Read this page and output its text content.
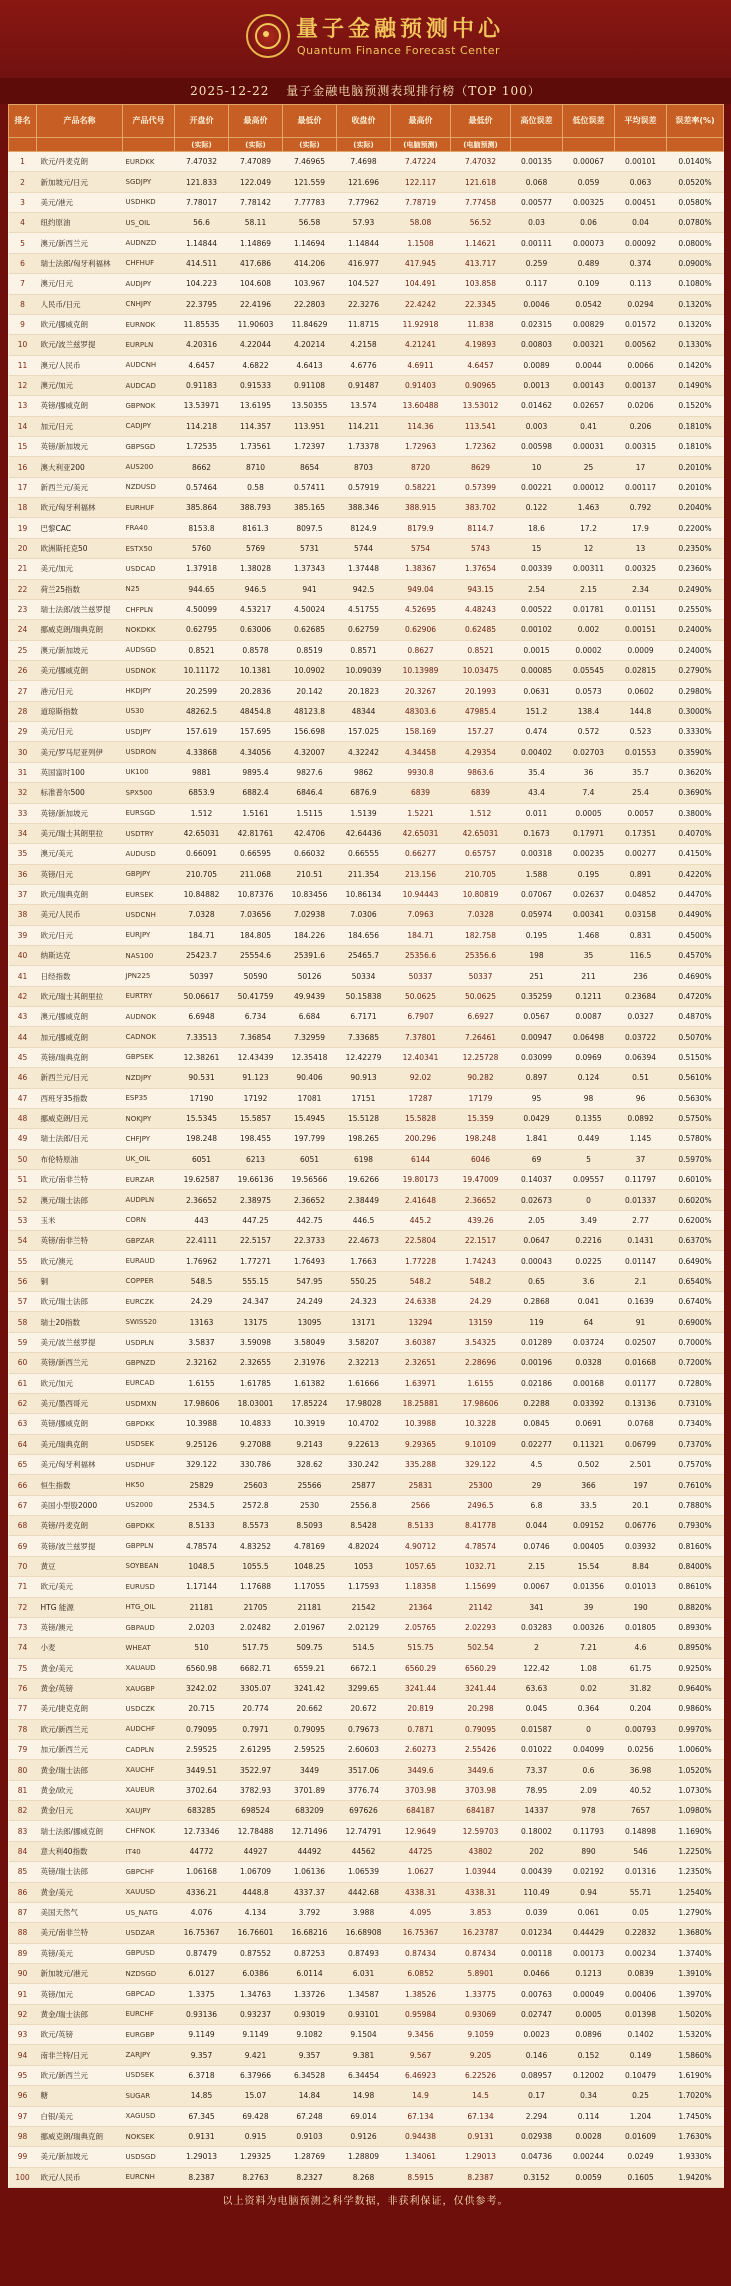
量子金融预测中心
Quantum Finance Forecast Center
2025-12-22 量子金融电脑预测表现排行榜（TOP 100）
排名	产品名称	产品代号	开盘价	最高价	最低价	收盘价	最高价	最低价	高位误差	低位误差	平均误差	误差率(%)
			(实际)	(实际)	(实际)	(实际)	(电脑预测)	(电脑预测)				
1	欧元/丹麦克朗	EURDKK	7.47032	7.47089	7.46965	7.4698	7.47224	7.47032	0.00135	0.00067	0.00101	0.0140%
2	新加坡元/日元	SGDJPY	121.833	122.049	121.559	121.696	122.117	121.618	0.068	0.059	0.063	0.0520%
3	美元/港元	USDHKD	7.78017	7.78142	7.77783	7.77962	7.78719	7.77458	0.00577	0.00325	0.00451	0.0580%
4	纽约原油	US_OIL	56.6	58.11	56.58	57.93	58.08	56.52	0.03	0.06	0.04	0.0780%
5	澳元/新西兰元	AUDNZD	1.14844	1.14869	1.14694	1.14844	1.1508	1.14621	0.00111	0.00073	0.00092	0.0800%
6	瑞士法郎/匈牙利福林	CHFHUF	414.511	417.686	414.206	416.977	417.945	413.717	0.259	0.489	0.374	0.0900%
7	澳元/日元	AUDJPY	104.223	104.608	103.967	104.527	104.491	103.858	0.117	0.109	0.113	0.1080%
8	人民币/日元	CNHJPY	22.3795	22.4196	22.2803	22.3276	22.4242	22.3345	0.0046	0.0542	0.0294	0.1320%
9	欧元/挪威克朗	EURNOK	11.85535	11.90603	11.84629	11.8715	11.92918	11.838	0.02315	0.00829	0.01572	0.1320%
10	欧元/波兰兹罗提	EURPLN	4.20316	4.22044	4.20214	4.2158	4.21241	4.19893	0.00803	0.00321	0.00562	0.1330%
11	澳元/人民币	AUDCNH	4.6457	4.6822	4.6413	4.6776	4.6911	4.6457	0.0089	0.0044	0.0066	0.1420%
12	澳元/加元	AUDCAD	0.91183	0.91533	0.91108	0.91487	0.91403	0.90965	0.0013	0.00143	0.00137	0.1490%
13	英镑/挪威克朗	GBPNOK	13.53971	13.6195	13.50355	13.574	13.60488	13.53012	0.01462	0.02657	0.0206	0.1520%
14	加元/日元	CADJPY	114.218	114.357	113.951	114.211	114.36	113.541	0.003	0.41	0.206	0.1810%
15	英镑/新加坡元	GBPSGD	1.72535	1.73561	1.72397	1.73378	1.72963	1.72362	0.00598	0.00031	0.00315	0.1810%
16	澳大利亚200	AUS200	8662	8710	8654	8703	8720	8629	10	25	17	0.2010%
17	新西兰元/美元	NZDUSD	0.57464	0.58	0.57411	0.57919	0.58221	0.57399	0.00221	0.00012	0.00117	0.2010%
18	欧元/匈牙利福林	EURHUF	385.864	388.793	385.165	388.346	388.915	383.702	0.122	1.463	0.792	0.2040%
19	巴黎CAC	FRA40	8153.8	8161.3	8097.5	8124.9	8179.9	8114.7	18.6	17.2	17.9	0.2200%
20	欧洲斯托克50	ESTX50	5760	5769	5731	5744	5754	5743	15	12	13	0.2350%
21	美元/加元	USDCAD	1.37918	1.38028	1.37343	1.37448	1.38367	1.37654	0.00339	0.00311	0.00325	0.2360%
22	荷兰25指数	N25	944.65	946.5	941	942.5	949.04	943.15	2.54	2.15	2.34	0.2490%
23	瑞士法郎/波兰兹罗提	CHFPLN	4.50099	4.53217	4.50024	4.51755	4.52695	4.48243	0.00522	0.01781	0.01151	0.2550%
24	挪威克朗/瑞典克朗	NOKDKK	0.62795	0.63006	0.62685	0.62759	0.62906	0.62485	0.00102	0.002	0.00151	0.2400%
25	澳元/新加坡元	AUDSGD	0.8521	0.8578	0.8519	0.8571	0.8627	0.8521	0.0015	0.0002	0.0009	0.2400%
26	美元/挪威克朗	USDNOK	10.11172	10.1381	10.0902	10.09039	10.13989	10.03475	0.00085	0.05545	0.02815	0.2790%
27	港元/日元	HKDJPY	20.2599	20.2836	20.142	20.1823	20.3267	20.1993	0.0631	0.0573	0.0602	0.2980%
28	道琼斯指数	US30	48262.5	48454.8	48123.8	48344	48303.6	47985.4	151.2	138.4	144.8	0.3000%
29	美元/日元	USDJPY	157.619	157.695	156.698	157.025	158.169	157.27	0.474	0.572	0.523	0.3330%
30	美元/罗马尼亚列伊	USDRON	4.33868	4.34056	4.32007	4.32242	4.34458	4.29354	0.00402	0.02703	0.01553	0.3590%
31	英国富时100	UK100	9881	9895.4	9827.6	9862	9930.8	9863.6	35.4	36	35.7	0.3620%
32	标准普尔500	SPX500	6853.9	6882.4	6846.4	6876.9	6839	6839	43.4	7.4	25.4	0.3690%
33	英镑/新加坡元	EURSGD	1.512	1.5161	1.5115	1.5139	1.5221	1.512	0.011	0.0005	0.0057	0.3800%
34	美元/瑞士其朗里拉	USDTRY	42.65031	42.81761	42.4706	42.64436	42.65031	42.65031	0.1673	0.17971	0.17351	0.4070%
35	澳元/美元	AUDUSD	0.66091	0.66595	0.66032	0.66555	0.66277	0.65757	0.00318	0.00235	0.00277	0.4150%
36	英镑/日元	GBPJPY	210.705	211.068	210.51	211.354	213.156	210.705	1.588	0.195	0.891	0.4220%
37	欧元/瑞典克朗	EURSEK	10.84882	10.87376	10.83456	10.86134	10.94443	10.80819	0.07067	0.02637	0.04852	0.4470%
38	美元/人民币	USDCNH	7.0328	7.03656	7.02938	7.0306	7.0963	7.0328	0.05974	0.00341	0.03158	0.4490%
39	欧元/日元	EURJPY	184.71	184.805	184.226	184.656	184.71	182.758	0.195	1.468	0.831	0.4500%
40	纳斯达克	NAS100	25423.7	25554.6	25391.6	25465.7	25356.6	25356.6	198	35	116.5	0.4570%
41	日经指数	JPN225	50397	50590	50126	50334	50337	50337	251	211	236	0.4690%
42	欧元/瑞士其朗里拉	EURTRY	50.06617	50.41759	49.9439	50.15838	50.0625	50.0625	0.35259	0.1211	0.23684	0.4720%
43	澳元/挪威克朗	AUDNOK	6.6948	6.734	6.684	6.7171	6.7907	6.6927	0.0567	0.0087	0.0327	0.4870%
44	加元/挪威克朗	CADNOK	7.33513	7.36854	7.32959	7.33685	7.37801	7.26461	0.00947	0.06498	0.03722	0.5070%
45	英镑/瑞典克朗	GBPSEK	12.38261	12.43439	12.35418	12.42279	12.40341	12.25728	0.03099	0.0969	0.06394	0.5150%
46	新西兰元/日元	NZDJPY	90.531	91.123	90.406	90.913	92.02	90.282	0.897	0.124	0.51	0.5610%
47	西班牙35指数	ESP35	17190	17192	17081	17151	17287	17179	95	98	96	0.5630%
48	挪威克朗/日元	NOKJPY	15.5345	15.5857	15.4945	15.5128	15.5828	15.359	0.0429	0.1355	0.0892	0.5750%
49	瑞士法郎/日元	CHFJPY	198.248	198.455	197.799	198.265	200.296	198.248	1.841	0.449	1.145	0.5780%
50	布伦特原油	UK_OIL	6051	6213	6051	6198	6144	6046	69	5	37	0.5970%
51	欧元/南非兰特	EURZAR	19.62587	19.66136	19.56566	19.6266	19.80173	19.47009	0.14037	0.09557	0.11797	0.6010%
52	澳元/瑞士法郎	AUDPLN	2.36652	2.38975	2.36652	2.38449	2.41648	2.36652	0.02673	0	0.01337	0.6020%
53	玉米	CORN	443	447.25	442.75	446.5	445.2	439.26	2.05	3.49	2.77	0.6200%
54	英镑/南非兰特	GBPZAR	22.4111	22.5157	22.3733	22.4673	22.5804	22.1517	0.0647	0.2216	0.1431	0.6370%
55	欧元/澳元	EURAUD	1.76962	1.77271	1.76493	1.7663	1.77228	1.74243	0.00043	0.0225	0.01147	0.6490%
56	铜	COPPER	548.5	555.15	547.95	550.25	548.2	548.2	0.65	3.6	2.1	0.6540%
57	欧元/瑞士法郎	EURCZK	24.29	24.347	24.249	24.323	24.6338	24.29	0.2868	0.041	0.1639	0.6740%
58	瑞士20指数	SWISS20	13163	13175	13095	13171	13294	13159	119	64	91	0.6900%
59	美元/波兰兹罗提	USDPLN	3.5837	3.59098	3.58049	3.58207	3.60387	3.54325	0.01289	0.03724	0.02507	0.7000%
60	英镑/新西兰元	GBPNZD	2.32162	2.32655	2.31976	2.32213	2.32651	2.28696	0.00196	0.0328	0.01668	0.7200%
61	欧元/加元	EURCAD	1.6155	1.61785	1.61382	1.61666	1.63971	1.6155	0.02186	0.00168	0.01177	0.7280%
62	美元/墨西哥元	USDMXN	17.98606	18.03001	17.85224	17.98028	18.25881	17.98606	0.2288	0.03392	0.13136	0.7310%
63	英镑/挪威克朗	GBPDKK	10.3988	10.4833	10.3919	10.4702	10.3988	10.3228	0.0845	0.0691	0.0768	0.7340%
64	美元/瑞典克朗	USDSEK	9.25126	9.27088	9.2143	9.22613	9.29365	9.10109	0.02277	0.11321	0.06799	0.7370%
65	美元/匈牙利福林	USDHUF	329.122	330.786	328.62	330.242	335.288	329.122	4.5	0.502	2.501	0.7570%
66	恒生指数	HK50	25829	25603	25566	25877	25831	25300	29	366	197	0.7610%
67	美国小型股2000	US2000	2534.5	2572.8	2530	2556.8	2566	2496.5	6.8	33.5	20.1	0.7880%
68	英镑/丹麦克朗	GBPDKK	8.5133	8.5573	8.5093	8.5428	8.5133	8.41778	0.044	0.09152	0.06776	0.7930%
69	英镑/波兰兹罗提	GBPPLN	4.78574	4.83252	4.78169	4.82024	4.90712	4.78574	0.0746	0.00405	0.03932	0.8160%
70	黄豆	SOYBEAN	1048.5	1055.5	1048.25	1053	1057.65	1032.71	2.15	15.54	8.84	0.8400%
71	欧元/美元	EURUSD	1.17144	1.17688	1.17055	1.17593	1.18358	1.15699	0.0067	0.01356	0.01013	0.8610%
72	HTG 能源	HTG_OIL	21181	21705	21181	21542	21364	21142	341	39	190	0.8820%
73	英镑/澳元	GBPAUD	2.0203	2.02482	2.01967	2.02129	2.05765	2.02293	0.03283	0.00326	0.01805	0.8930%
74	小麦	WHEAT	510	517.75	509.75	514.5	515.75	502.54	2	7.21	4.6	0.8950%
75	黄金/美元	XAUAUD	6560.98	6682.71	6559.21	6672.1	6560.29	6560.29	122.42	1.08	61.75	0.9250%
76	黄金/英镑	XAUGBP	3242.02	3305.07	3241.42	3299.65	3241.44	3241.44	63.63	0.02	31.82	0.9640%
77	美元/捷克克朗	USDCZK	20.715	20.774	20.662	20.672	20.819	20.298	0.045	0.364	0.204	0.9860%
78	欧元/新西兰元	AUDCHF	0.79095	0.7971	0.79095	0.79673	0.7871	0.79095	0.01587	0	0.00793	0.9970%
79	加元/新西兰元	CADPLN	2.59525	2.61295	2.59525	2.60603	2.60273	2.55426	0.01022	0.04099	0.0256	1.0060%
80	黄金/瑞士法郎	XAUCHF	3449.51	3522.97	3449	3517.06	3449.6	3449.6	73.37	0.6	36.98	1.0520%
81	黄金/欧元	XAUEUR	3702.64	3782.93	3701.89	3776.74	3703.98	3703.98	78.95	2.09	40.52	1.0730%
82	黄金/日元	XAUJPY	683285	698524	683209	697626	684187	684187	14337	978	7657	1.0980%
83	瑞士法郎/挪威克朗	CHFNOK	12.73346	12.78488	12.71496	12.74791	12.9649	12.59703	0.18002	0.11793	0.14898	1.1690%
84	意大利40指数	IT40	44772	44927	44492	44562	44725	43802	202	890	546	1.2250%
85	英镑/瑞士法郎	GBPCHF	1.06168	1.06709	1.06136	1.06539	1.0627	1.03944	0.00439	0.02192	0.01316	1.2350%
86	黄金/美元	XAUUSD	4336.21	4448.8	4337.37	4442.68	4338.31	4338.31	110.49	0.94	55.71	1.2540%
87	美国天然气	US_NATG	4.076	4.134	3.792	3.988	4.095	3.853	0.039	0.061	0.05	1.2790%
88	美元/南非兰特	USDZAR	16.75367	16.76601	16.68216	16.68908	16.75367	16.23787	0.01234	0.44429	0.22832	1.3680%
89	英镑/美元	GBPUSD	0.87479	0.87552	0.87253	0.87493	0.87434	0.87434	0.00118	0.00173	0.00234	1.3740%
90	新加坡元/港元	NZDSGD	6.0127	6.0386	6.0114	6.031	6.0852	5.8901	0.0466	0.1213	0.0839	1.3910%
91	英镑/加元	GBPCAD	1.3375	1.34763	1.33726	1.34587	1.38526	1.33775	0.00763	0.00049	0.00406	1.3970%
92	黄金/瑞士法郎	EURCHF	0.93136	0.93237	0.93019	0.93101	0.95984	0.93069	0.02747	0.0005	0.01398	1.5020%
93	欧元/英镑	EURGBP	9.1149	9.1149	9.1082	9.1504	9.3456	9.1059	0.0023	0.0896	0.1402	1.5320%
94	南非兰特/日元	ZARJPY	9.357	9.421	9.357	9.381	9.567	9.205	0.146	0.152	0.149	1.5860%
95	欧元/新西兰元	USDSEK	6.3718	6.37966	6.34528	6.34454	6.46923	6.22526	0.08957	0.12002	0.10479	1.6190%
96	糖	SUGAR	14.85	15.07	14.84	14.98	14.9	14.5	0.17	0.34	0.25	1.7020%
97	白银/美元	XAGUSD	67.345	69.428	67.248	69.014	67.134	67.134	2.294	0.114	1.204	1.7450%
98	挪威克朗/瑞典克朗	NOKSEK	0.9131	0.915	0.9103	0.9126	0.94438	0.9131	0.02938	0.0028	0.01609	1.7630%
99	美元/新加坡元	USDSGD	1.29013	1.29325	1.28769	1.28809	1.34061	1.29013	0.04736	0.00244	0.0249	1.9330%
100	欧元/人民币	EURCNH	8.2387	8.2763	8.2327	8.268	8.5915	8.2387	0.3152	0.0059	0.1605	1.9420%
以上资料为电脑预测之科学数据，非获利保证，仅供参考。
